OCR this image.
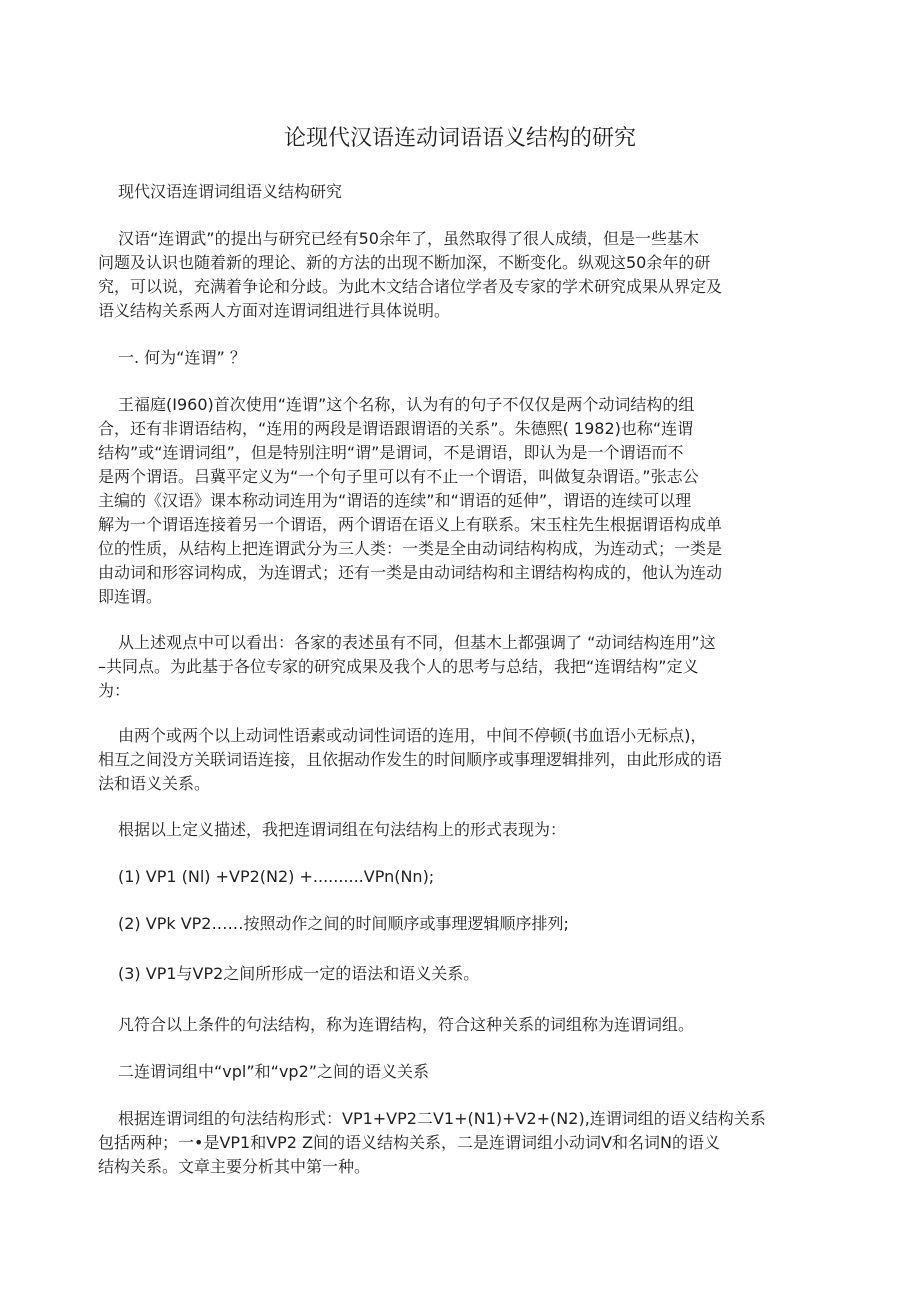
论现代汉语连动词语语义结构的研究
现代汉语连谓词组语义结构研究
汉语“连谓武”的提出与研究已经有50余年了，虽然取得了很人成绩，但是一些基木
问题及认识也随着新的理论、新的方法的出现不断加深，不断变化。纵观这50余年的研
究，可以说，充满着争论和分歧。为此木文结合诸位学者及专家的学术研究成果从界定及
语义结构关系两人方面对连谓词组进行具体说明。
一. 何为“连谓” ？
王福庭(I960)首次使用“连谓”这个名称，认为有的句子不仅仅是两个动词结构的组
合，还有非谓语结构，“连用的两段是谓语跟谓语的关系”。朱德熙( 1982)也称“连谓
结构”或“连谓词组”，但是特别注明“谓”是谓词，不是谓语，即认为是一个谓语而不
是两个谓语。吕冀平定义为“一个句子里可以有不止一个谓语，叫做复杂谓语。”张志公
主编的《汉语》课本称动词连用为“谓语的连续”和“谓语的延伸”，谓语的连续可以理
解为一个谓语连接着另一个谓语，两个谓语在语义上有联系。宋玉柱先生根据谓语构成单
位的性质，从结构上把连谓武分为三人类：一类是全由动词结构构成，为连动式；一类是
由动词和形容词构成，为连谓式；还有一类是由动词结构和主谓结构构成的，他认为连动
即连谓。
从上述观点中可以看出：各家的表述虽有不同，但基木上都强调了 “动词结构连用”这
–共同点。为此基于各位专家的研究成果及我个人的思考与总结，我把“连谓结构”定义
为：
由两个或两个以上动词性语素或动词性词语的连用，中间不停顿(书血语小无标点)，
相互之间没方关联词语连接，且依据动作发生的时间顺序或事理逻辑排列，由此形成的语
法和语义关系。
根据以上定义描述，我把连谓词组在句法结构上的形式表现为：
(1) VP1 (Nl) +VP2(N2) +..........VPn(Nn);
(2) VPk VP2……按照动作之间的时间顺序或事理逻辑顺序排列;
(3) VP1与VP2之间所形成一定的语法和语义关系。
凡符合以上条件的句法结构，称为连谓结构，符合这种关系的词组称为连谓词组。
二连谓词组中“vpl”和“vp2”之间的语义关系
根据连谓词组的句法结构形式：VP1+VP2二V1+(N1)+V2+(N2),连谓词组的语义结构关系
包括两种；一•是VP1和VP2 Z间的语义结构关系，二是连谓词组小动词V和名词N的语义
结构关系。文章主要分析其中第一种。
